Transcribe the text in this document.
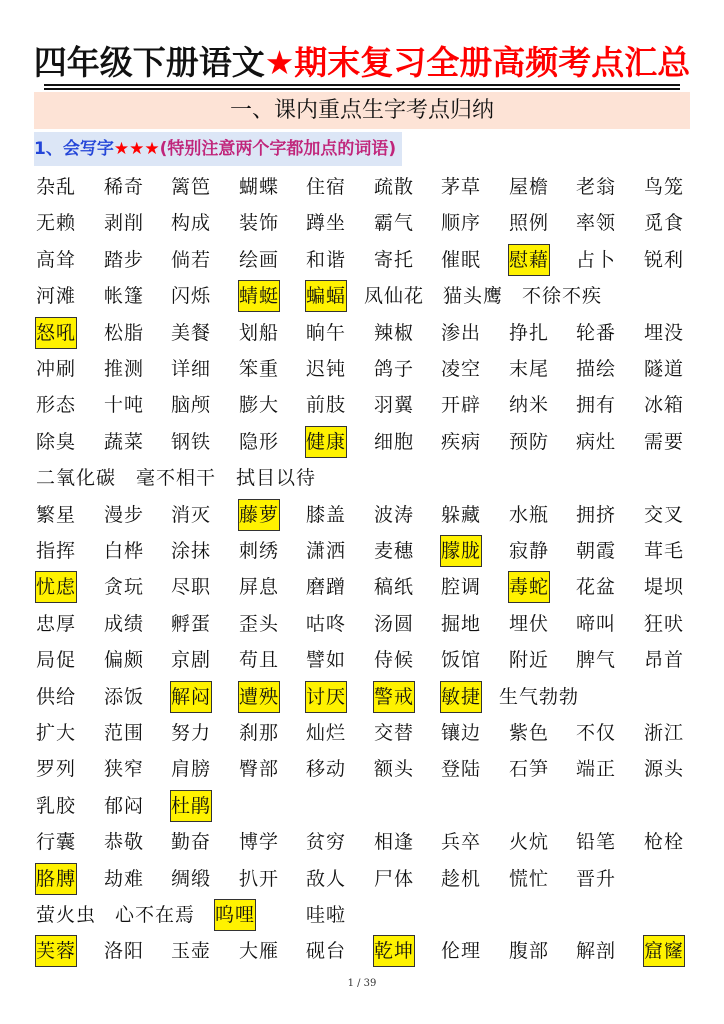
四年级下册语文★期末复习全册高频考点汇总
一、课内重点生字考点归纳
1、会写字★★★(特别注意两个字都加点的词语)
杂乱 稀奇 篱笆 蝴蝶 住宿 疏散 茅草 屋檐 老翁 鸟笼
无赖 剥削 构成 装饰 蹲坐 霸气 顺序 照例 率领 觅食
高耸 踏步 倘若 绘画 和谐 寄托 催眠 慰藉 占卜 锐利
河滩 帐篷 闪烁 蜻蜓 蝙蝠 凤仙花 猫头鹰 不徐不疾
怒吼 松脂 美餐 划船 晌午 辣椒 渗出 挣扎 轮番 埋没
冲刷 推测 详细 笨重 迟钝 鸽子 凌空 末尾 描绘 隧道
形态 十吨 脑颅 膨大 前肢 羽翼 开辟 纳米 拥有 冰箱
除臭 蔬菜 钢铁 隐形 健康 细胞 疾病 预防 病灶 需要
二氧化碳 毫不相干 拭目以待
繁星 漫步 消灭 藤萝 膝盖 波涛 躲藏 水瓶 拥挤 交叉
指挥 白桦 涂抹 刺绣 潇洒 麦穗 朦胧 寂静 朝霞 茸毛
忧虑 贪玩 尽职 屏息 磨蹭 稿纸 腔调 毒蛇 花盆 堤坝
忠厚 成绩 孵蛋 歪头 咕咚 汤圆 掘地 埋伏 啼叫 狂吠
局促 偏颇 京剧 苟且 譬如 侍候 饭馆 附近 脾气 昂首
供给 添饭 解闷 遭殃 讨厌 警戒 敏捷 生气勃勃
扩大 范围 努力 刹那 灿烂 交替 镶边 紫色 不仅 浙江
罗列 狭窄 肩膀 臀部 移动 额头 登陆 石笋 端正 源头
乳胶 郁闷 杜鹃
行囊 恭敬 勤奋 博学 贫穷 相逢 兵卒 火炕 铅笔 枪栓
胳膊 劫难 绸缎 扒开 敌人 尸体 趁机 慌忙 晋升
萤火虫 心不在焉 呜哩	哇啦
芙蓉 洛阳 玉壶 大雁 砚台 乾坤 伦理 腹部 解剖 窟窿
1 / 39
